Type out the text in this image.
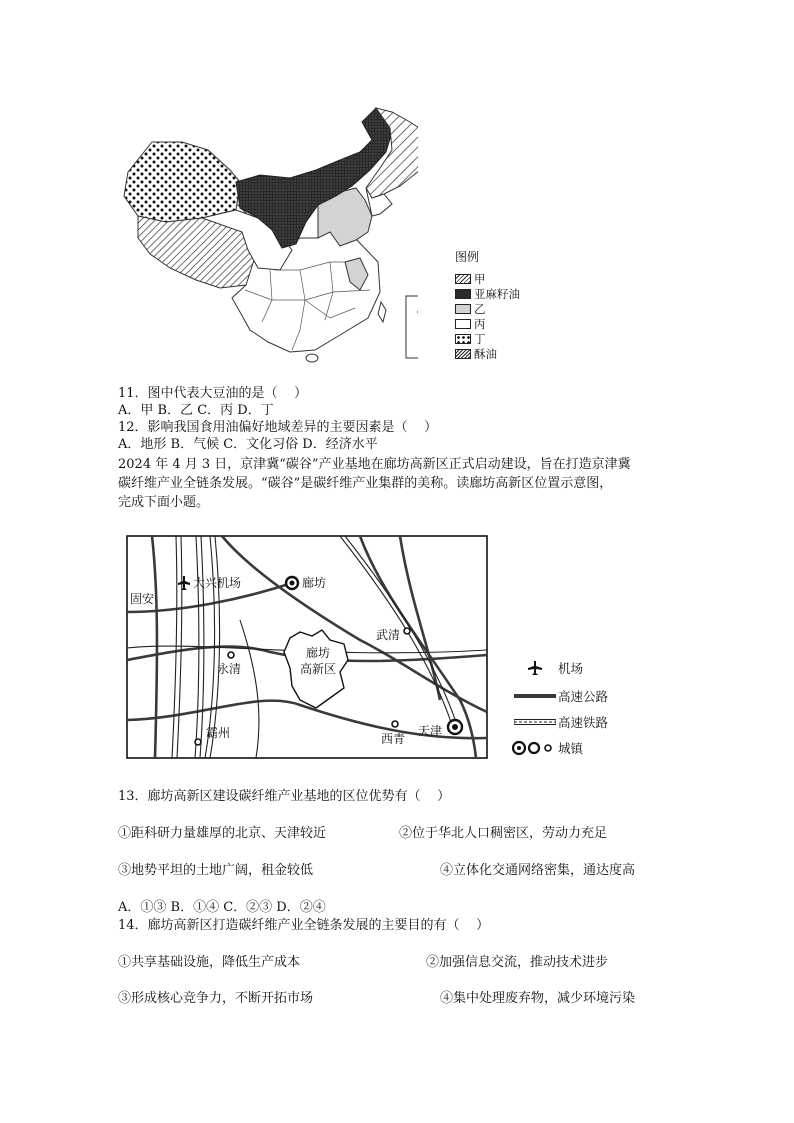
图例
甲
亚麻籽油
乙
丙
丁
酥油
11．图中代表大豆油的是（    ）
A．甲 B．乙 C．丙 D．丁
12．影响我国食用油偏好地域差异的主要因素是（    ）
A．地形 B．气候 C．文化习俗 D．经济水平
2024 年 4 月 3 日，京津冀“碳谷”产业基地在廊坊高新区正式启动建设，旨在打造京津冀
碳纤维产业全链条发展。“碳谷”是碳纤维产业集群的美称。读廊坊高新区位置示意图，
完成下面小题。
固安
大兴机场	廊坊
武清
永清
廊坊
高新区
霸州	西青
天津
机场
高速公路
高速铁路
城镇
13．廊坊高新区建设碳纤维产业基地的区位优势有（    ）
①距科研力量雄厚的北京、天津较近	②位于华北人口稠密区，劳动力充足
③地势平坦的土地广阔，租金较低	④立体化交通网络密集，通达度高
A．①③ B．①④ C．②③ D．②④
14．廊坊高新区打造碳纤维产业全链条发展的主要目的有（    ）
①共享基础设施，降低生产成本	②加强信息交流，推动技术进步
③形成核心竞争力，不断开拓市场	④集中处理废弃物，减少环境污染
